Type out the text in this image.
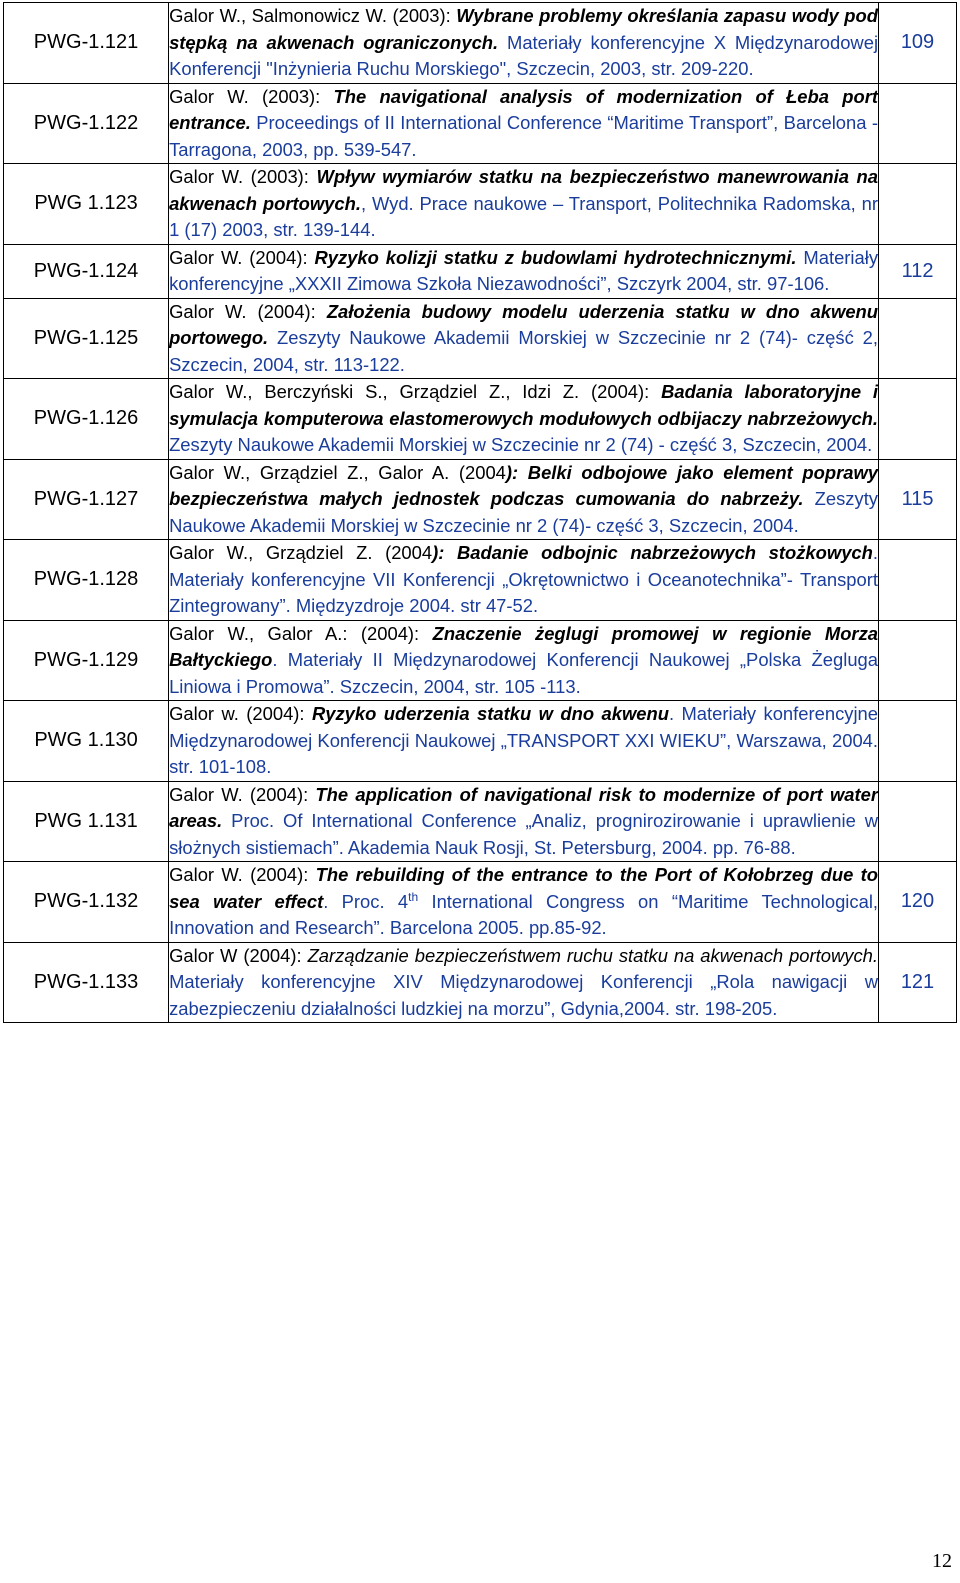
PWG-1.121	Galor W., Salmonowicz W. (2003): Wybrane problemy określania zapasu wody pod stępką na akwenach ograniczonych. Materiały konferencyjne X Międzynarodowej Konferencji "Inżynieria Ruchu Morskiego", Szczecin, 2003, str. 209-220.	109
PWG-1.122	Galor W. (2003): The navigational analysis of modernization of Łeba port entrance. Proceedings of II International Conference “Maritime Transport”, Barcelona - Tarragona, 2003, pp. 539-547.	
PWG 1.123	Galor W. (2003): Wpływ wymiarów statku na bezpieczeństwo manewrowania na akwenach portowych., Wyd. Prace naukowe – Transport, Politechnika Radomska, nr 1 (17) 2003, str. 139-144.	
PWG-1.124	Galor W. (2004): Ryzyko kolizji statku z budowlami hydrotechnicznymi. Materiały konferencyjne „XXXII Zimowa Szkoła Niezawodności”, Szczyrk 2004, str. 97-106.	112
PWG-1.125	Galor W. (2004): Założenia budowy modelu uderzenia statku w dno akwenu portowego. Zeszyty Naukowe Akademii Morskiej w Szczecinie nr 2 (74)- część 2, Szczecin, 2004, str. 113-122.	
PWG-1.126	Galor W., Berczyński S., Grządziel Z., Idzi Z. (2004): Badania laboratoryjne i symulacja komputerowa elastomerowych modułowych odbijaczy nabrzeżowych. Zeszyty Naukowe Akademii Morskiej w Szczecinie nr 2 (74) - część 3, Szczecin, 2004.	
PWG-1.127	Galor W., Grządziel Z., Galor A. (2004): Belki odbojowe jako element poprawy bezpieczeństwa małych jednostek podczas cumowania do nabrzeży. Zeszyty Naukowe Akademii Morskiej w Szczecinie nr 2 (74)- część 3, Szczecin, 2004.	115
PWG-1.128	Galor W., Grządziel Z. (2004): Badanie odbojnic nabrzeżowych stożkowych. Materiały konferencyjne VII Konferencji „Okrętownictwo i Oceanotechnika”- Transport Zintegrowany”. Międzyzdroje 2004. str 47-52.	
PWG-1.129	Galor W., Galor A.: (2004): Znaczenie żeglugi promowej w regionie Morza Bałtyckiego. Materiały II Międzynarodowej Konferencji Naukowej „Polska Żegluga Liniowa i Promowa”. Szczecin, 2004, str. 105 -113.	
PWG 1.130	Galor w. (2004): Ryzyko uderzenia statku w dno akwenu. Materiały konferencyjne Międzynarodowej Konferencji Naukowej „TRANSPORT XXI WIEKU”, Warszawa, 2004. str. 101-108.	
PWG 1.131	Galor W. (2004): The application of navigational risk to modernize of port water areas. Proc. Of International Conference „Analiz, prognirozirowanie i uprawlienie w słożnych sistiemach”. Akademia Nauk Rosji, St. Petersburg, 2004. pp. 76-88.	
PWG-1.132	Galor W. (2004): The rebuilding of the entrance to the Port of Kołobrzeg due to sea water effect. Proc. 4th International Congress on “Maritime Technological, Innovation and Research”. Barcelona 2005. pp.85-92.	120
PWG-1.133	Galor W (2004): Zarządzanie bezpieczeństwem ruchu statku na akwenach portowych. Materiały konferencyjne XIV Międzynarodowej Konferencji „Rola nawigacji w zabezpieczeniu działalności ludzkiej na morzu”, Gdynia,2004. str. 198-205.	121
12
